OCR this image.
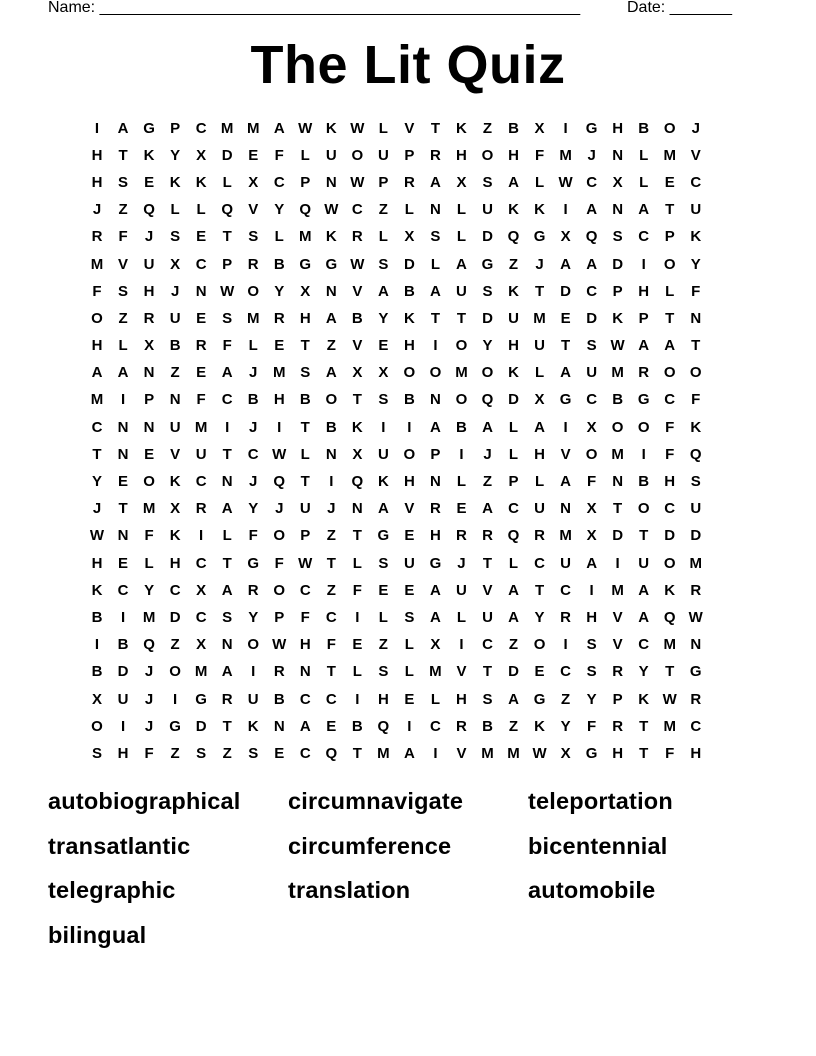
Name: ______________________________________________________	Date: _______
The Lit Quiz
I	A G	P	C M M A W K W L	V	T	K	Z	B	X	I	G H	B O	J
H	T	K	Y	X	D	E	F	L	U O U	P	R	H O H	F	M	J	N	L	M V
H	S	E	K	K	L	X	C	P	N W P	R	A	X	S	A	L W C	X	L	E	C
J	Z	Q	L	L	Q	V	Y	Q W C	Z	L	N	L	U	K	K	I	A	N	A	T	U
R	F	J	S	E	T	S	L	M K	R	L	X	S	L	D Q G	X	Q	S	C	P	K
M V	U	X	C	P	R	B G G W S	D	L	A G	Z	J	A	A	D	I	O	Y
F	S	H	J	N W O	Y	X	N	V	A	B	A	U	S	K	T	D	C	P	H	L	F
O	Z	R	U	E	S M R	H	A	B	Y	K	T	T	D	U M E	D	K	P	T	N
H	L	X	B	R	F	L	E	T	Z	V	E	H	I	O	Y	H	U	T	S W A	A	T
A	A	N	Z	E	A	J	M S	A	X	X	O O M O K	L	A	U M R O O
M	I	P	N	F	C	B	H	B O	T	S	B	N O Q D	X	G C	B G C	F
C	N	N	U M	I	J	I	T	B	K	I	I	A	B	A	L	A	I	X	O O	F	K
T	N	E	V	U	T	C W L	N	X	U O	P	I	J	L	H	V	O M	I	F	Q
Y	E	O K	C	N	J	Q	T	I	Q K	H	N	L	Z	P	L	A	F	N	B	H	S
J	T	M X	R	A	Y	J	U	J	N	A	V	R	E	A	C	U	N	X	T	O C	U
W N	F	K	I	L	F	O	P	Z	T	G	E	H	R	R Q R M X	D	T	D	D
H	E	L	H	C	T	G	F W T	L	S	U G	J	T	L	C	U	A	I	U O M
K	C	Y	C	X	A	R O C	Z	F	E	E	A	U	V	A	T	C	I	M A	K	R
B	I	M D	C	S	Y	P	F	C	I	L	S	A	L	U	A	Y	R	H	V	A Q W
I	B Q	Z	X	N O W H	F	E	Z	L	X	I	C	Z	O	I	S	V	C M N
B	D	J	O M A	I	R	N	T	L	S	L	M V	T	D	E	C	S	R	Y	T	G
X	U	J	I	G R	U	B	C	C	I	H	E	L	H	S	A G	Z	Y	P	K W R
O	I	J	G D	T	K	N	A	E	B Q	I	C	R	B	Z	K	Y	F	R	T	M C
S	H	F	Z	S	Z	S	E	C Q	T	M A	I	V M M W X	G H	T	F	H
autobiographical	circumnavigate	teleportation
transatlantic	circumference	bicentennial
telegraphic	translation	automobile
bilingual
